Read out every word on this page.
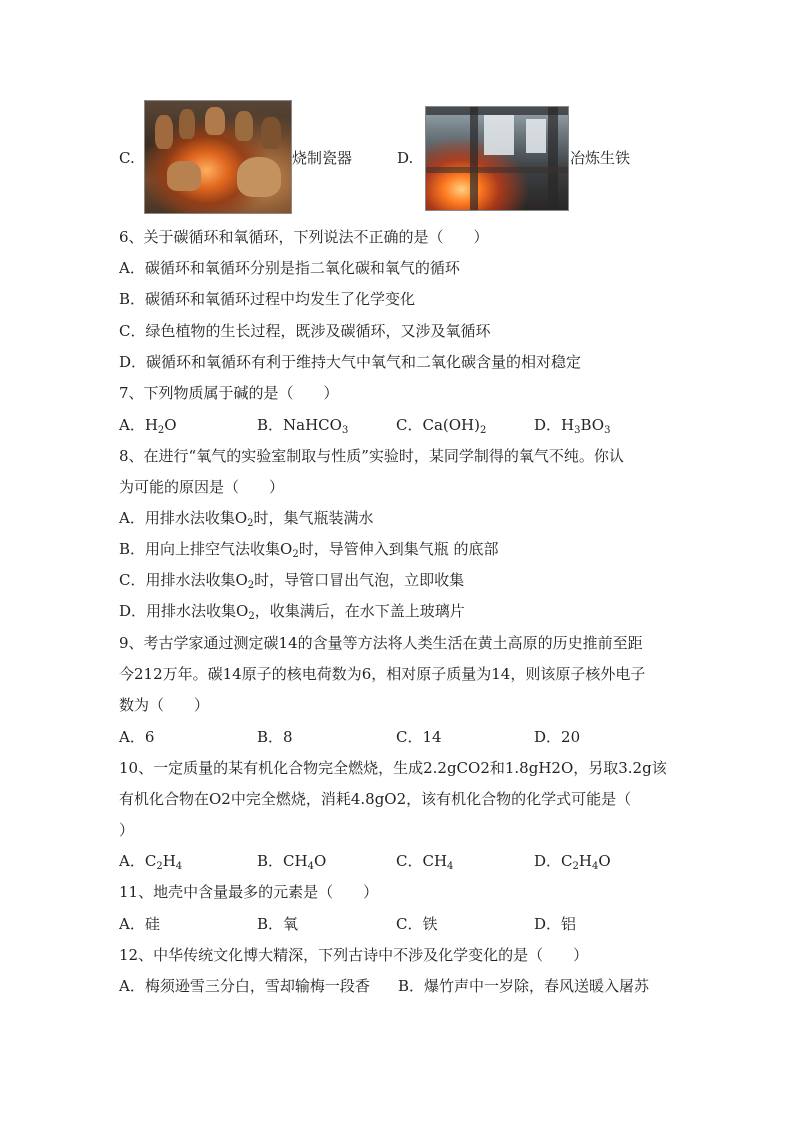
C.	烧制瓷器	D.	冶炼生铁
6、关于碳循环和氧循环，下列说法不正确的是（　　）
A．碳循环和氧循环分别是指二氧化碳和氧气的循环
B．碳循环和氧循环过程中均发生了化学变化
C．绿色植物的生长过程，既涉及碳循环，又涉及氧循环
D．碳循环和氧循环有利于维持大气中氧气和二氧化碳含量的相对稳定
7、下列物质属于碱的是（　　）
A．$H_2O$	B．NaHCO$_3$	C．$Ca(OH)_2$	D．$H_3BO_3$
8、在进行“氧气的实验室制取与性质”实验时，某同学制得的氧气不纯。你认
为可能的原因是（　　）
A．用排水法收集$O_2$时，集气瓶装满水
B．用向上排空气法收集$O_2$时，导管伸入到集气瓶 的底部
C．用排水法收集$O_2$时，导管口冒出气泡，立即收集
D．用排水法收集$O_2$，收集满后，在水下盖上玻璃片
9、考古学家通过测定碳14的含量等方法将人类生活在黄土高原的历史推前至距
今212万年。碳14原子的核电荷数为6，相对原子质量为14，则该原子核外电子
数为（　　）
A．6	B．8	C．14	D．20
10、一定质量的某有机化合物完全燃烧，生成2.2gCO2和1.8gH2O，另取3.2g该
有机化合物在O2中完全燃烧，消耗4.8gO2，该有机化合物的化学式可能是（
）
A．$C_2H_4$	B．$CH_4O$	C．$CH_4$	D．$C_2H_4O$
11、地壳中含量最多的元素是（　　）
A．硅	B．氧	C．铁	D．铝
12、中华传统文化博大精深，下列古诗中不涉及化学变化的是（　　）
A．梅须逊雪三分白，雪却输梅一段香 B．爆竹声中一岁除，春风送暖入屠苏
